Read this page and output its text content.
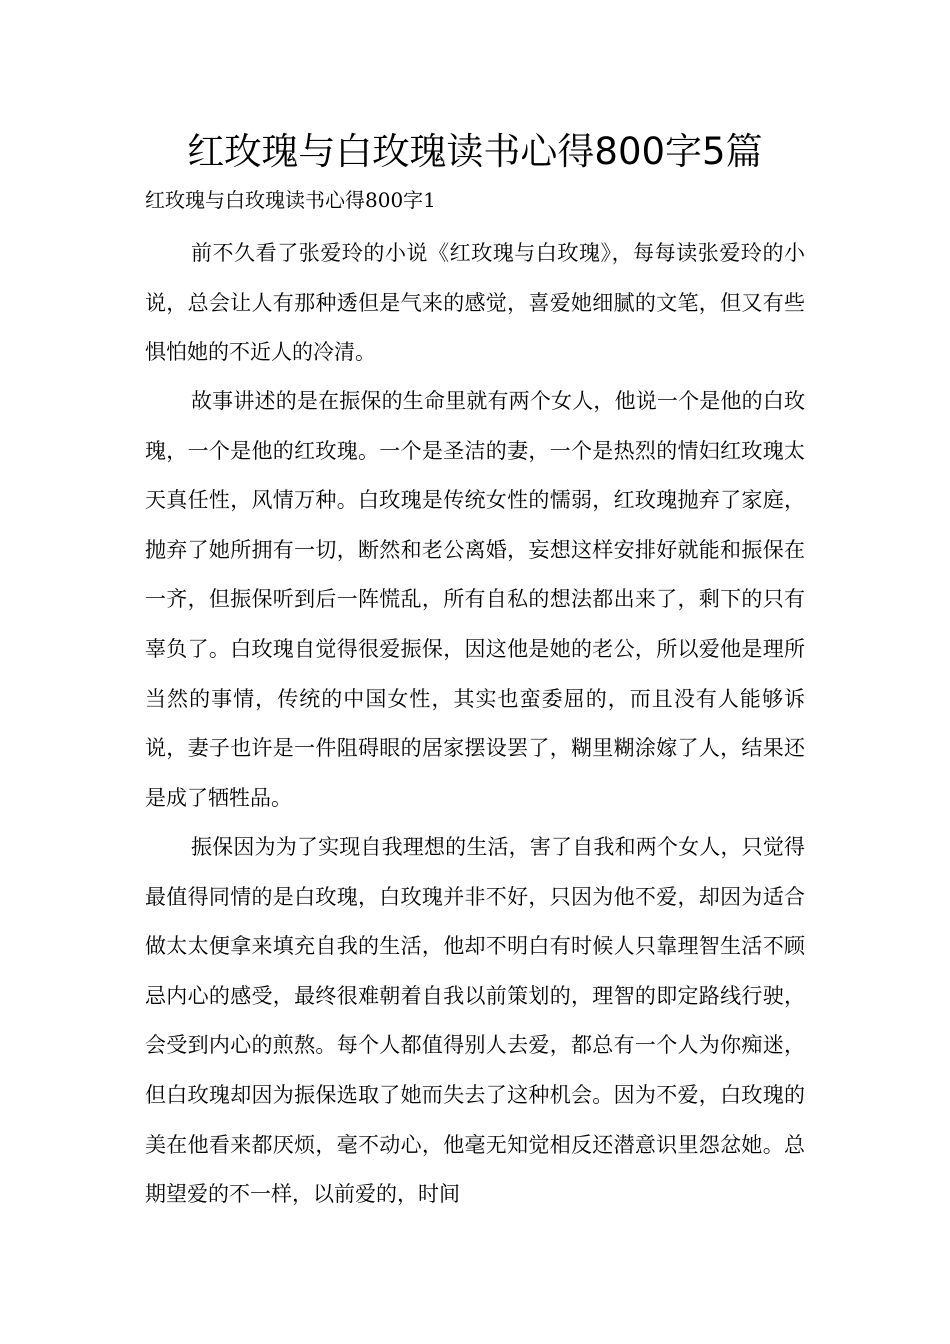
红玫瑰与白玫瑰读书心得800字5篇
红玫瑰与白玫瑰读书心得800字1

前不久看了张爱玲的小说《红玫瑰与白玫瑰》，每每读张爱玲的小说，总会让人有那种透但是气来的感觉，喜爱她细腻的文笔，但又有些惧怕她的不近人的冷清。

故事讲述的是在振保的生命里就有两个女人，他说一个是他的白玫瑰，一个是他的红玫瑰。一个是圣洁的妻，一个是热烈的情妇红玫瑰太天真任性，风情万种。白玫瑰是传统女性的懦弱，红玫瑰抛弃了家庭，抛弃了她所拥有一切，断然和老公离婚，妄想这样安排好就能和振保在一齐，但振保听到后一阵慌乱，所有自私的想法都出来了，剩下的只有辜负了。白玫瑰自觉得很爱振保，因这他是她的老公，所以爱他是理所当然的事情，传统的中国女性，其实也蛮委屈的，而且没有人能够诉说，妻子也许是一件阻碍眼的居家摆设罢了，糊里糊涂嫁了人，结果还是成了牺牲品。

振保因为为了实现自我理想的生活，害了自我和两个女人，只觉得最值得同情的是白玫瑰，白玫瑰并非不好，只因为他不爱，却因为适合做太太便拿来填充自我的生活，他却不明白有时候人只靠理智生活不顾忌内心的感受，最终很难朝着自我以前策划的，理智的即定路线行驶，会受到内心的煎熬。每个人都值得别人去爱，都总有一个人为你痴迷，但白玫瑰却因为振保选取了她而失去了这种机会。因为不爱，白玫瑰的美在他看来都厌烦，毫不动心，他毫无知觉相反还潜意识里怨忿她。总期望爱的不一样，以前爱的，时间
